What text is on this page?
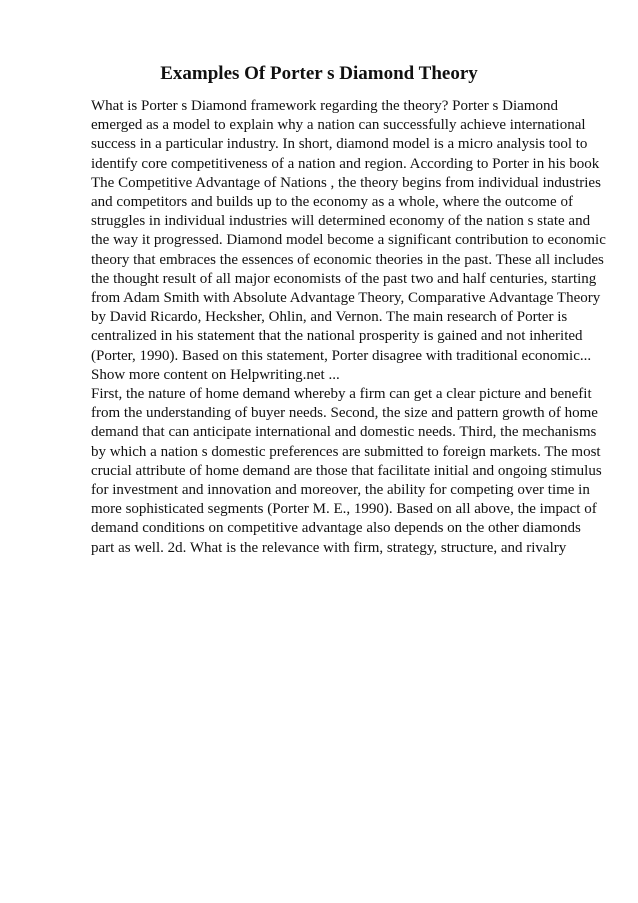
Examples Of Porter s Diamond Theory
What is Porter s Diamond framework regarding the theory? Porter s Diamond
emerged as a model to explain why a nation can successfully achieve international
success in a particular industry. In short, diamond model is a micro analysis tool to
identify core competitiveness of a nation and region. According to Porter in his book
The Competitive Advantage of Nations , the theory begins from individual industries
and competitors and builds up to the economy as a whole, where the outcome of
struggles in individual industries will determined economy of the nation s state and
the way it progressed. Diamond model become a significant contribution to economic
theory that embraces the essences of economic theories in the past. These all includes
the thought result of all major economists of the past two and half centuries, starting
from Adam Smith with Absolute Advantage Theory, Comparative Advantage Theory
by David Ricardo, Hecksher, Ohlin, and Vernon. The main research of Porter is
centralized in his statement that the national prosperity is gained and not inherited
(Porter, 1990). Based on this statement, Porter disagree with traditional economic...
Show more content on Helpwriting.net ...
First, the nature of home demand whereby a firm can get a clear picture and benefit
from the understanding of buyer needs. Second, the size and pattern growth of home
demand that can anticipate international and domestic needs. Third, the mechanisms
by which a nation s domestic preferences are submitted to foreign markets. The most
crucial attribute of home demand are those that facilitate initial and ongoing stimulus
for investment and innovation and moreover, the ability for competing over time in
more sophisticated segments (Porter M. E., 1990). Based on all above, the impact of
demand conditions on competitive advantage also depends on the other diamonds
part as well. 2d. What is the relevance with firm, strategy, structure, and rivalry
